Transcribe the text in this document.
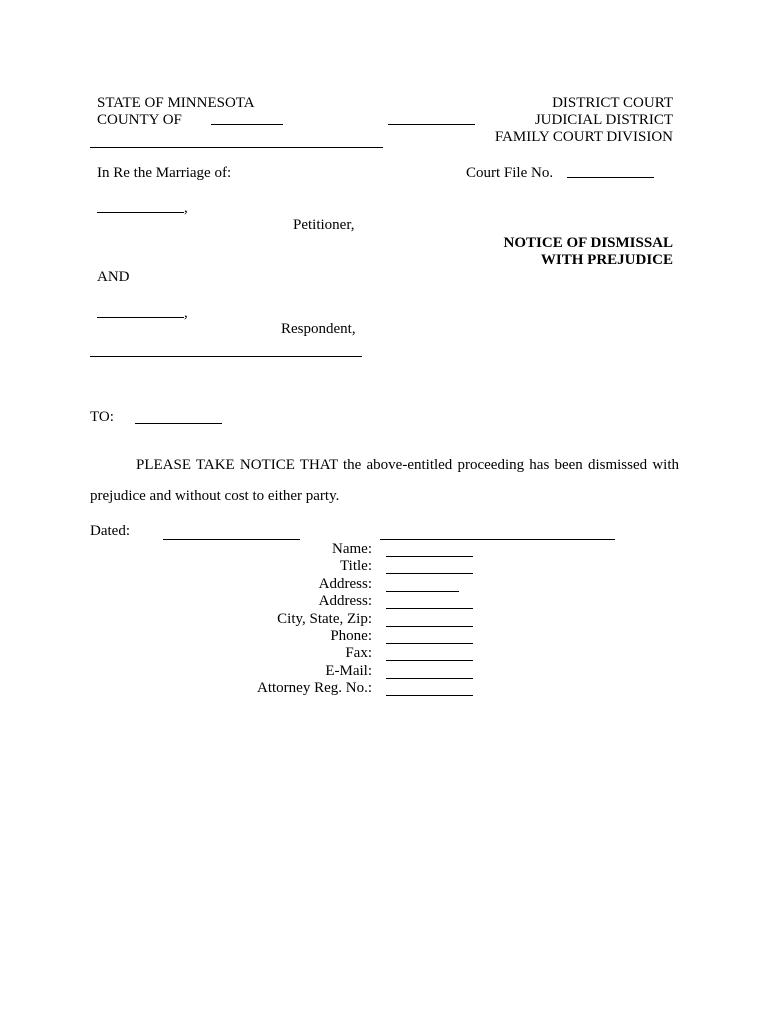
STATE OF MINNESOTA
COUNTY OF
DISTRICT COURT
JUDICIAL DISTRICT
FAMILY COURT DIVISION
In Re the Marriage of:	Court File No.
,
Petitioner,
NOTICE OF DISMISSAL
WITH PREJUDICE
AND
,
Respondent,
TO:
PLEASE TAKE NOTICE THAT the above-entitled proceeding has been dismissed with prejudice and without cost to either party.
Dated:
Name:
Title:
Address:
Address:
City, State, Zip:
Phone:
Fax:
E-Mail:
Attorney Reg. No.:
